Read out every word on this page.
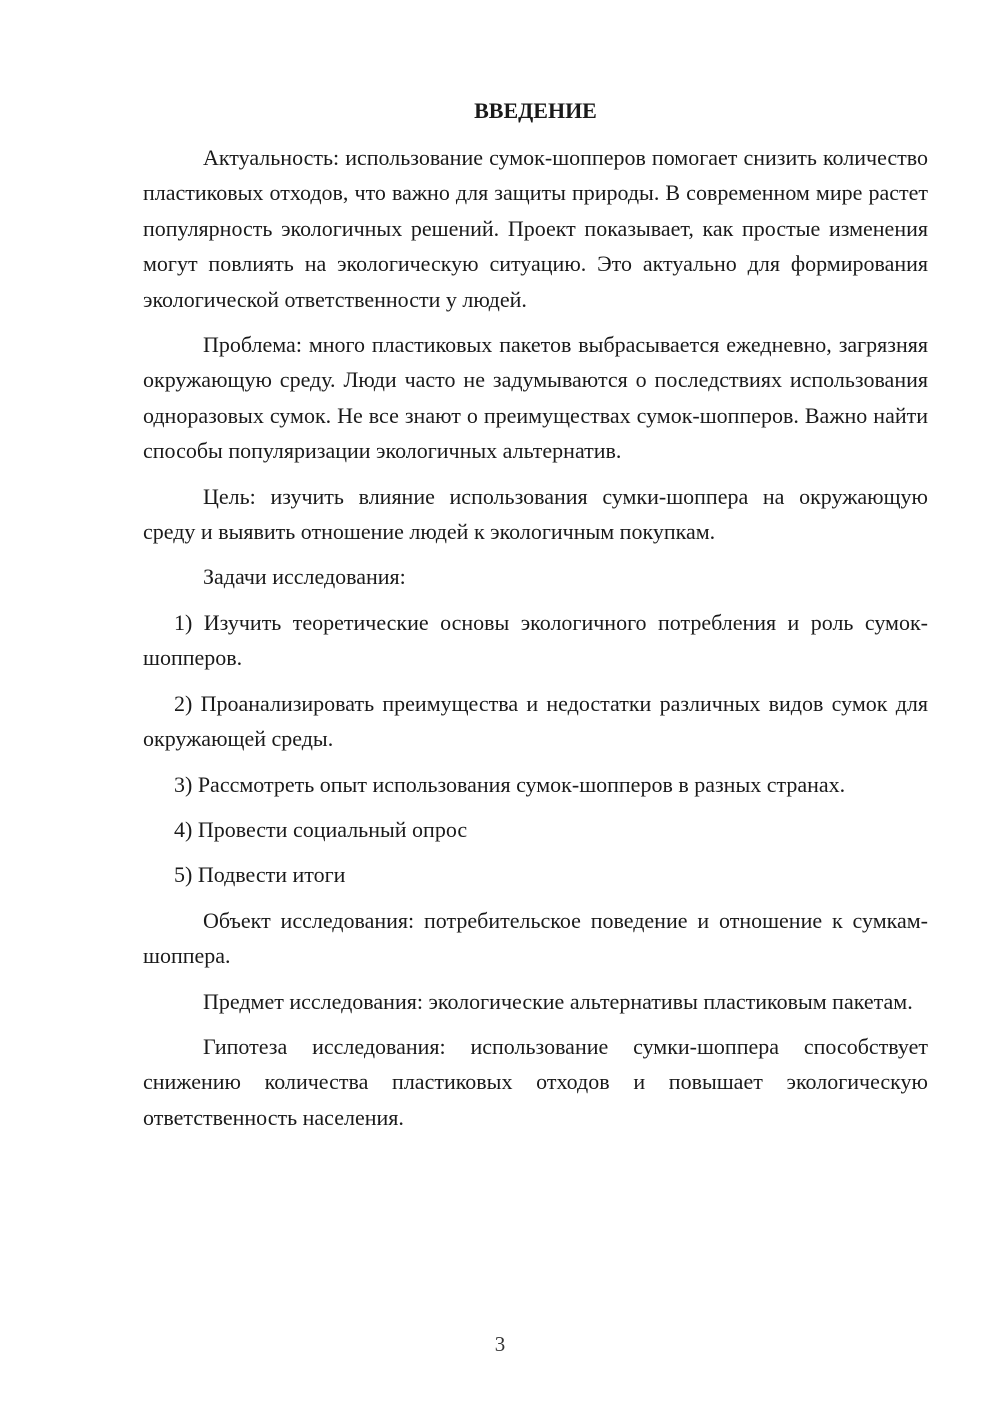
ВВЕДЕНИЕ

Актуальность: использование сумок-шопперов помогает снизить количество пластиковых отходов, что важно для защиты природы. В современном мире растет популярность экологичных решений. Проект показывает, как простые изменения могут повлиять на экологическую ситуацию. Это актуально для формирования экологической ответственности у людей.

Проблема: много пластиковых пакетов выбрасывается ежедневно, загрязняя окружающую среду. Люди часто не задумываются о последствиях использования одноразовых сумок. Не все знают о преимуществах сумок-шопперов. Важно найти способы популяризации экологичных альтернатив.

Цель: изучить влияние использования сумки-шоппера на окружающую среду и выявить отношение людей к экологичным покупкам.

Задачи исследования:

1) Изучить теоретические основы экологичного потребления и роль сумок-шопперов.

2) Проанализировать преимущества и недостатки различных видов сумок для окружающей среды.

3) Рассмотреть опыт использования сумок-шопперов в разных странах.

4) Провести социальный опрос

5) Подвести итоги

Объект исследования: потребительское поведение и отношение к сумкам-шоппера.

Предмет исследования: экологические альтернативы пластиковым пакетам.

Гипотеза исследования: использование сумки-шоппера способствует снижению количества пластиковых отходов и повышает экологическую ответственность населения.

3
